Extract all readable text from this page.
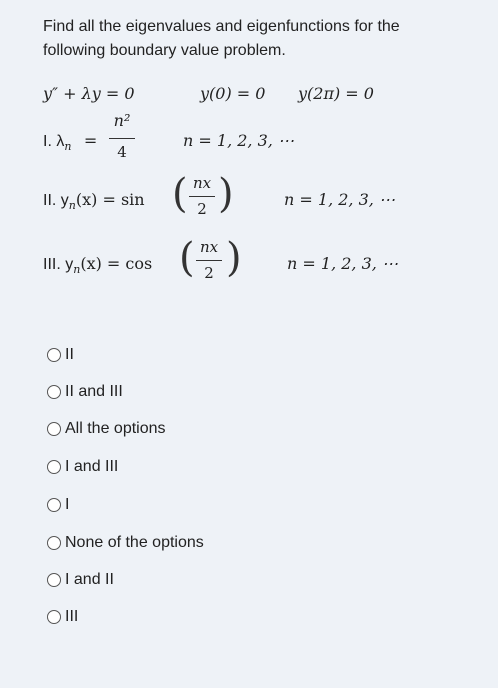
Find all the eigenvalues and eigenfunctions for the
following boundary value problem.
y″ + λy = 0	y(0) = 0 y(2π) = 0
I. $\lambda_n$ =
n²
4
n = 1, 2, 3, ⋯
II. $y_n(x) = \sin$ ( nx
2 )	n = 1, 2, 3, ⋯
III. $y_n(x) = \cos$ ( nx
2 )	n = 1, 2, 3, ⋯
II
II and III
All the options
I and III
I
None of the options
I and II
III
